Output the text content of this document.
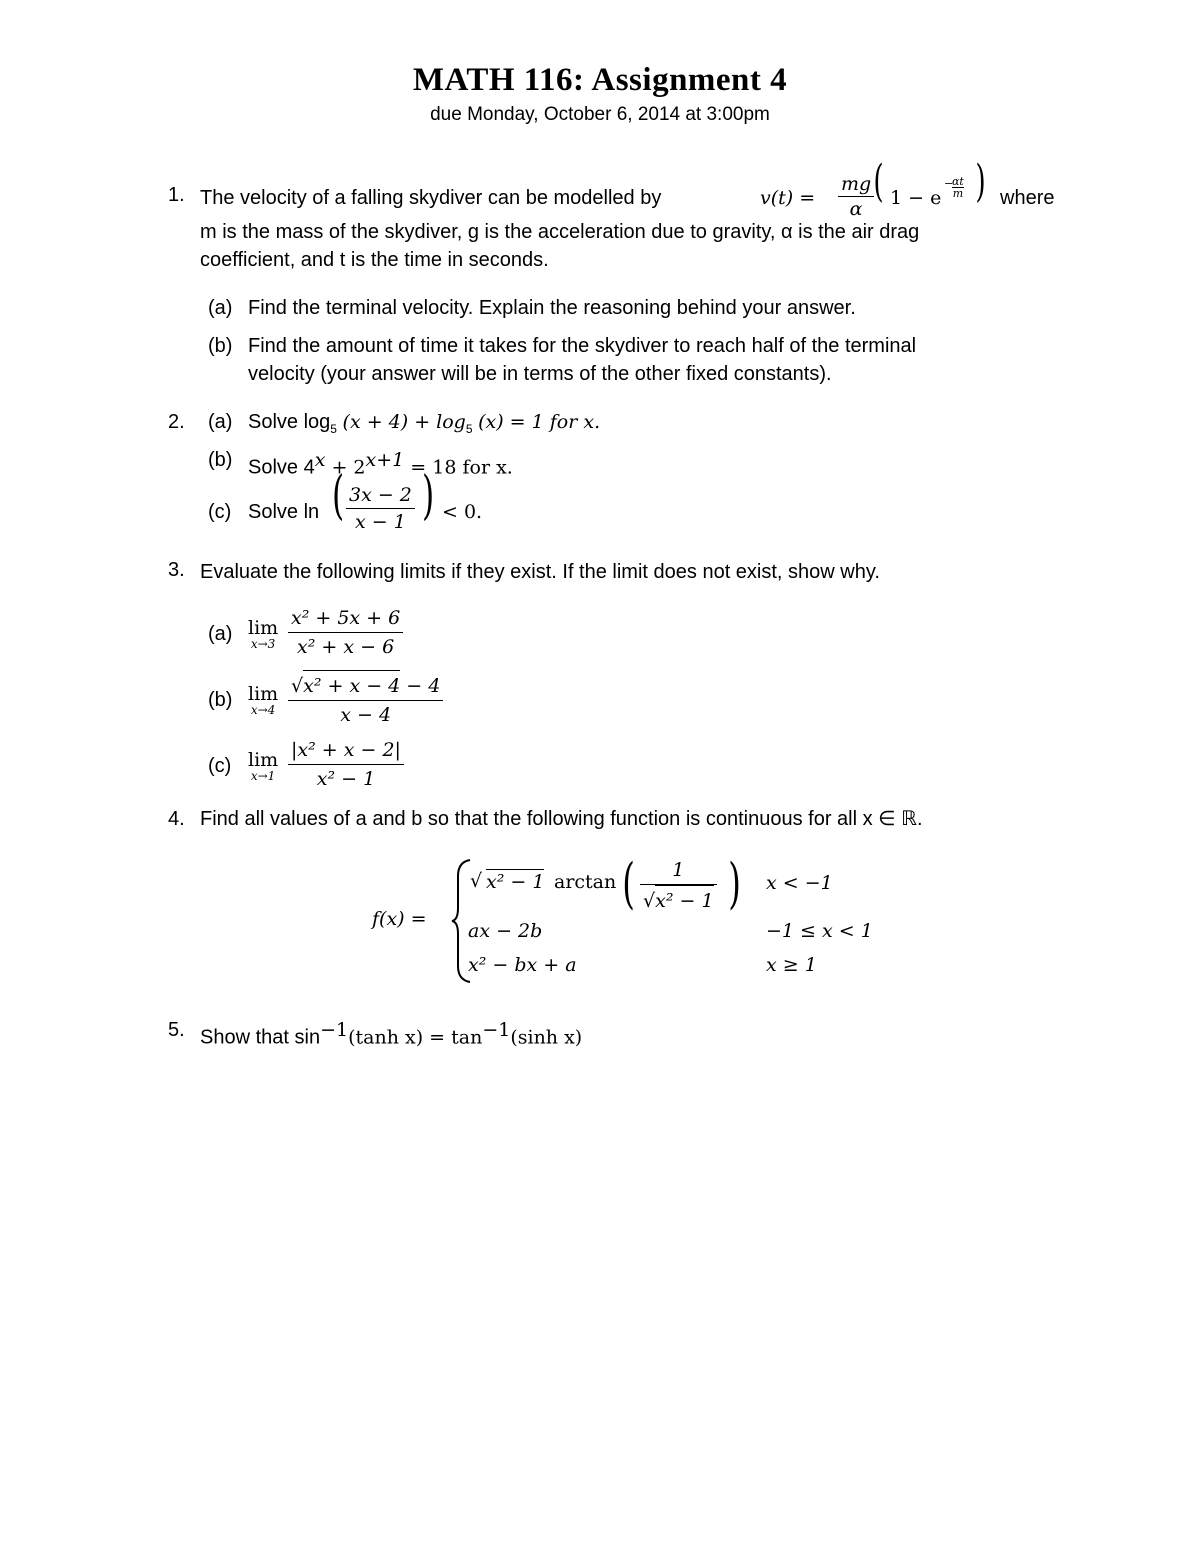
MATH 116: Assignment 4
due Monday, October 6, 2014 at 3:00pm
1. The velocity of a falling skydiver can be modelled by	$v(t) = \frac{mg}{\alpha}$ ( 1 − e
−
αt
m ) where
m is the mass of the skydiver, g is the acceleration due to gravity, α is the air drag
coefficient, and t is the time in seconds.
(a) Find the terminal velocity. Explain the reasoning behind your answer.
(b) Find the amount of time it takes for the skydiver to reach half of the terminal
velocity (your answer will be in terms of the other fixed constants).
2. (a) Solve $\log_5 (x + 4) + \log_5 (x) = 1$ for x.
(b) Solve $4^x + 2^{x+1} = 18$ for x.
(c) Solve ln ( $\frac{3x - 2}{x - 1}$ ) < 0.
3. Evaluate the following limits if they exist. If the limit does not exist, show why.
(a) lim
$x\to 3 \frac{\text{x² + 5x + 6}}{\text{x² + x − 6}}$
(b) lim
$x\to 4 \frac{\text{√x² + x − 4 − 4}}{x - 4}$
(c) lim
$x\to 1 \frac{\text{|x² + x − 2|}}{\text{x² − 1}}$
4. Find all values of a and b so that the following function is continuous for all x ∈ ℝ.
f(x) =
√ x² − 1 arctan ( $\frac{1}{\text{√x² − 1}}$ ) x < −1
ax − 2b	−1 ≤ x < 1
x² − bx + a	x ≥ 1
5. Show that $\sin^{-1}(\tanh$ $x) = \tan^{-1}(\sinh$ x)
